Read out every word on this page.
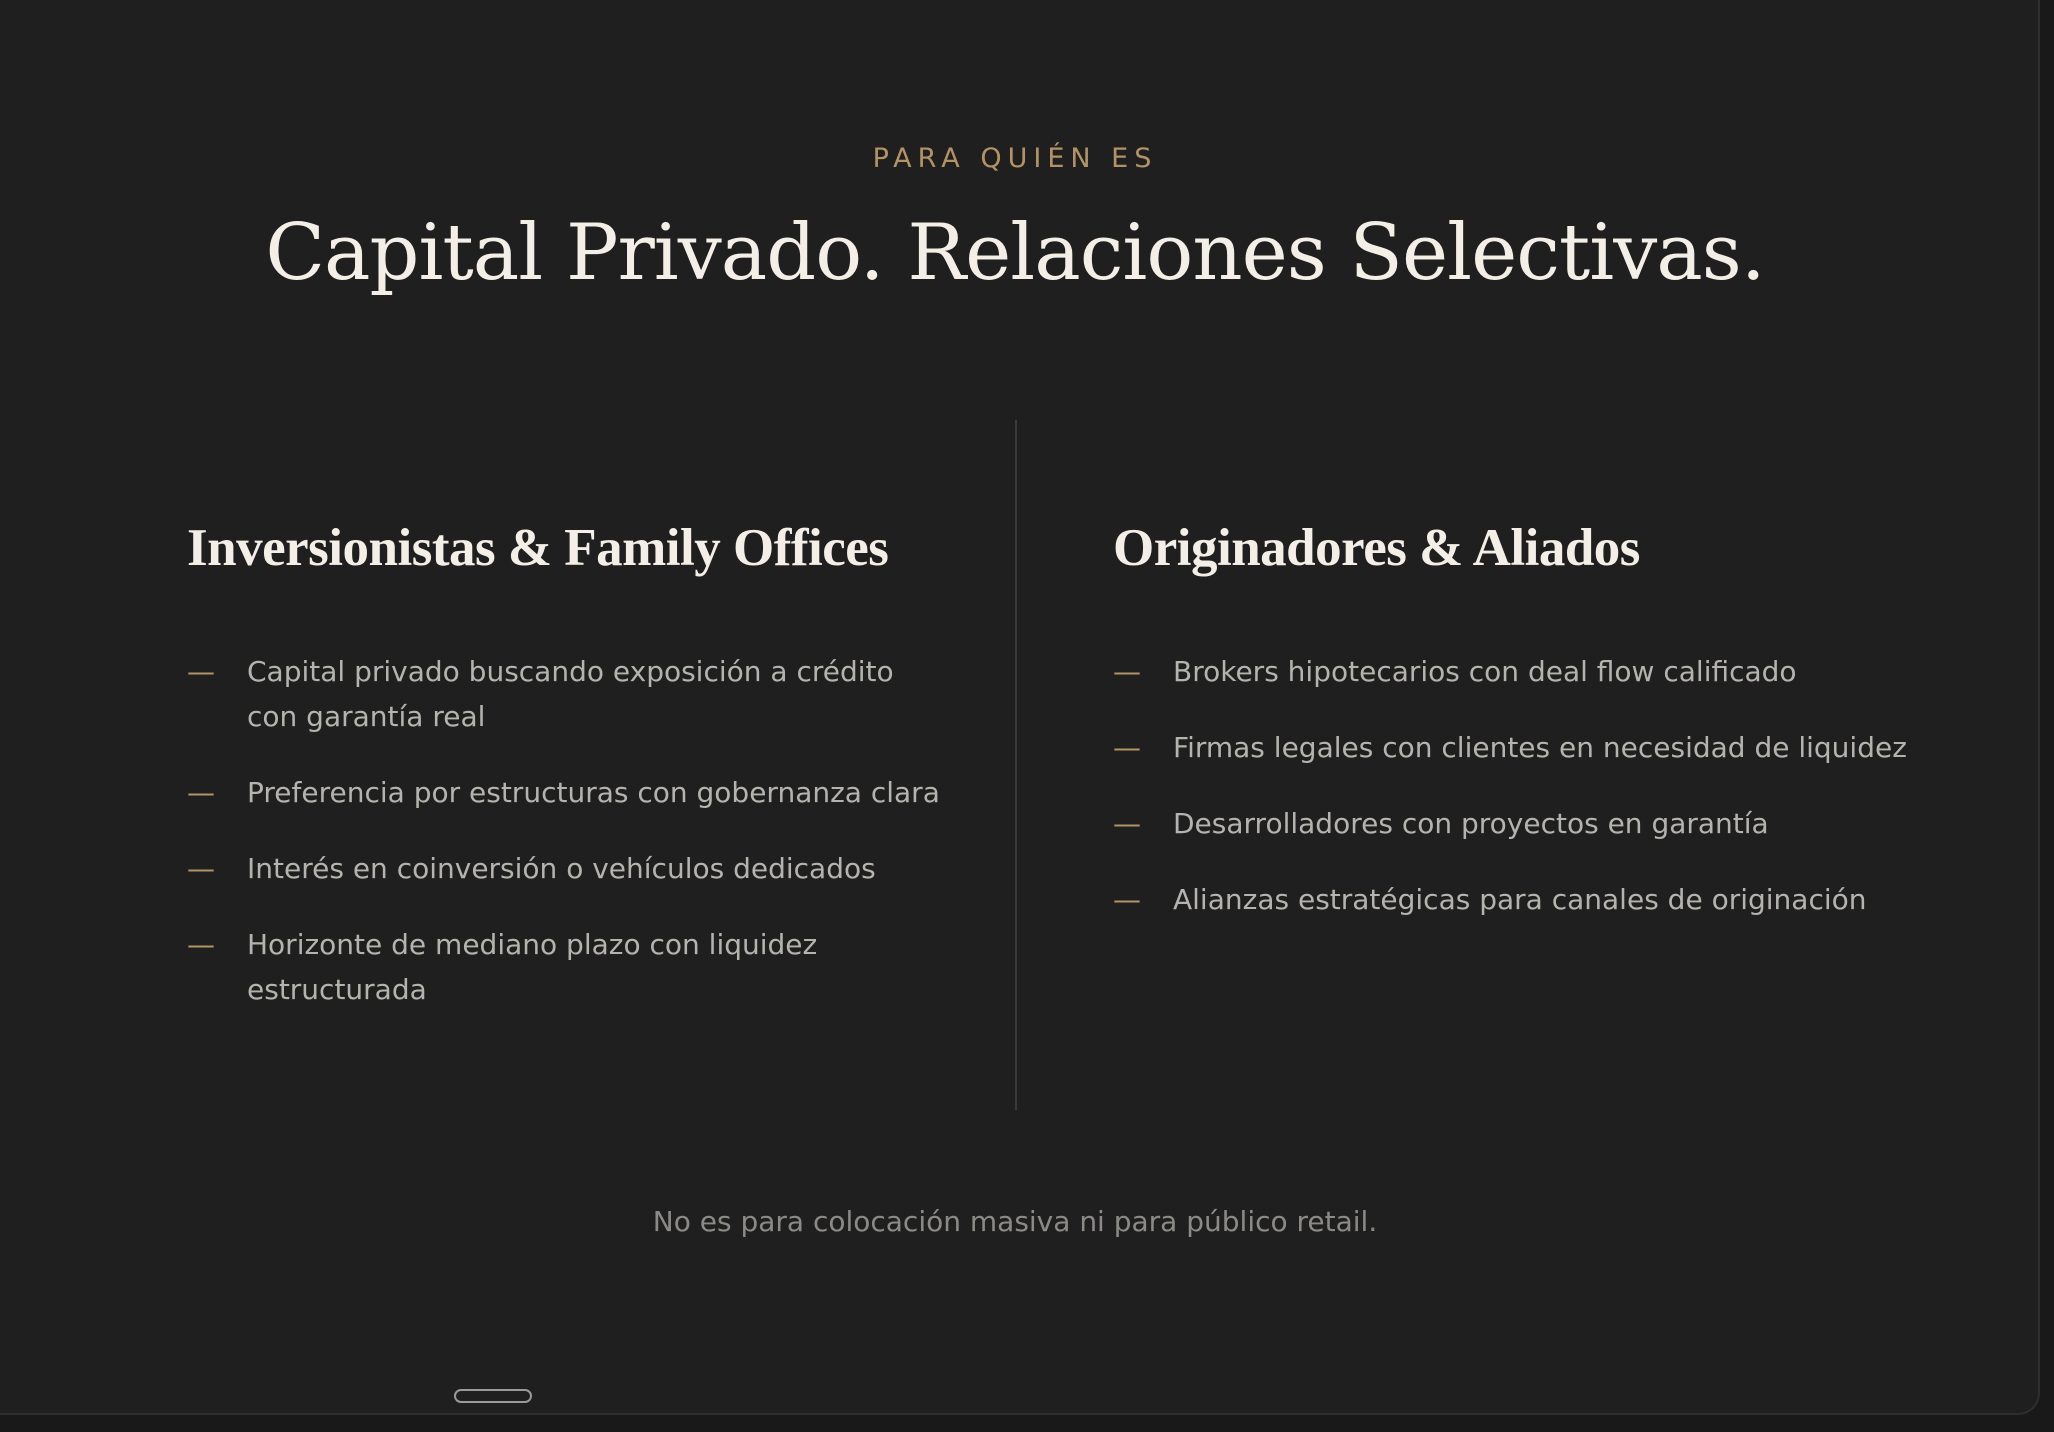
PARA QUIÉN ES
Capital Privado. Relaciones Selectivas.
Inversionistas & Family Offices
—	Capital privado buscando exposición a crédito con garantía real
—	Preferencia por estructuras con gobernanza clara
—	Interés en coinversión o vehículos dedicados
—	Horizonte de mediano plazo con liquidez estructurada
Originadores & Aliados
—	Brokers hipotecarios con deal flow calificado
—	Firmas legales con clientes en necesidad de liquidez
—	Desarrolladores con proyectos en garantía
—	Alianzas estratégicas para canales de originación
No es para colocación masiva ni para público retail.
